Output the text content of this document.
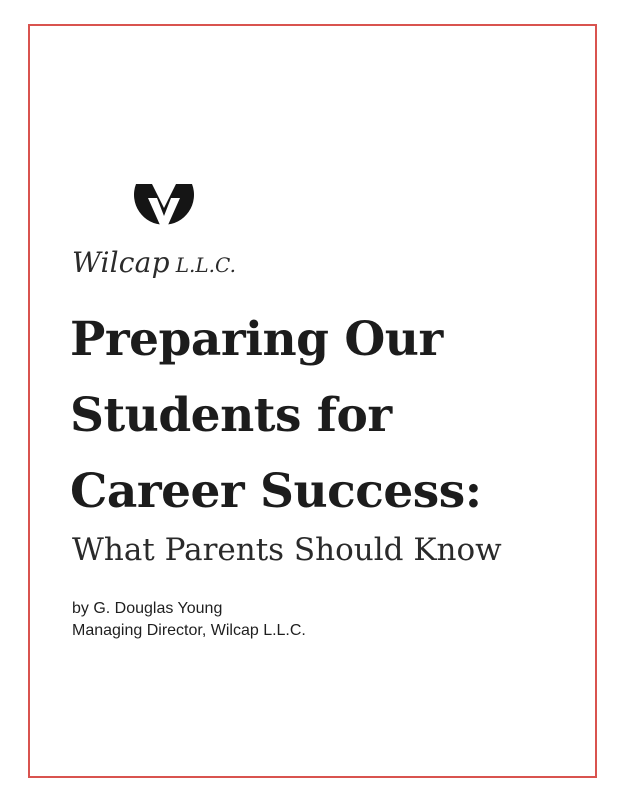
Wilcap L.L.C.
Preparing Our
Students for
Career Success:
What Parents Should Know
by G. Douglas Young
Managing Director, Wilcap L.L.C.
